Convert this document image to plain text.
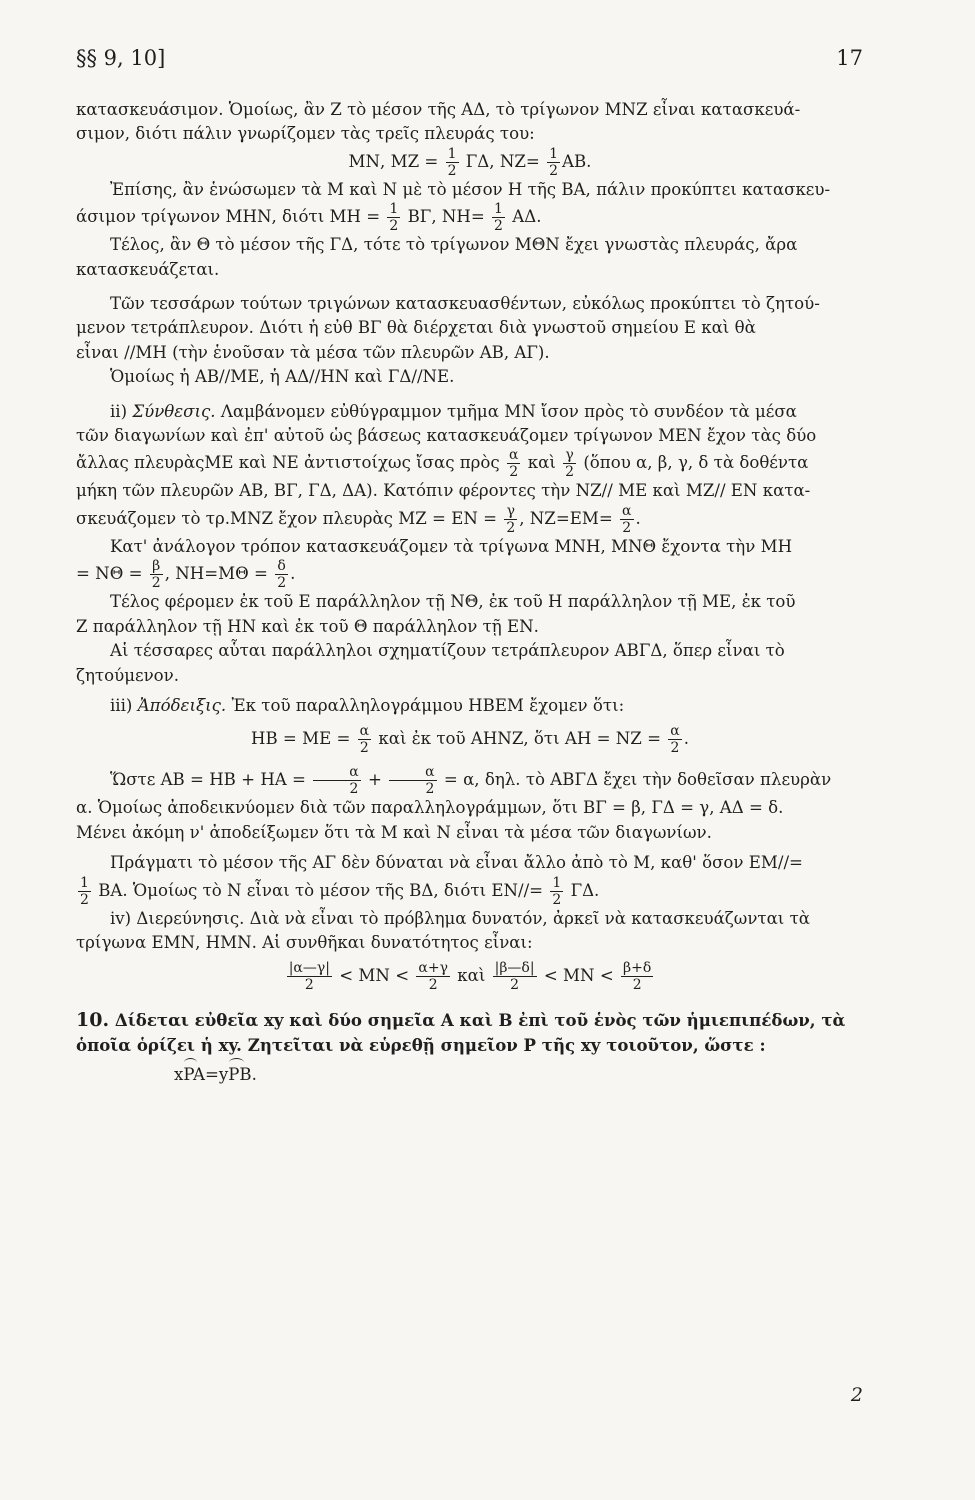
§§ 9, 10]	17

κατασκευάσιμον. Ὁμοίως, ἂν Ζ τὸ μέσον τῆς ΑΔ, τὸ τρίγωνον ΜΝΖ εἶναι κατασκευά-

σιμον, διότι πάλιν γνωρίζομεν τὰς τρεῖς πλευράς του:

ΜΝ, $MZ = \frac{1}{2} \Gamma\Delta$, $NZ= \frac{1}{2} AB$.

Ἐπίσης, ἂν ἑνώσωμεν τὰ Μ καὶ Ν μὲ τὸ μέσον Η τῆς ΒΑ, πάλιν προκύπτει κατασκευ-

άσιμον τρίγωνον ΜΗΝ, διότι $MH = \frac{1}{2} B\Gamma$, $NH= \frac{1}{2} A\Delta$.

Τέλος, ἂν Θ τὸ μέσον τῆς ΓΔ, τότε τὸ τρίγωνον ΜΘΝ ἔχει γνωστὰς πλευράς, ἄρα

κατασκευάζεται.

Τῶν τεσσάρων τούτων τριγώνων κατασκευασθέντων, εὐκόλως προκύπτει τὸ ζητού-

μενον τετράπλευρον. Διότι ἡ εὐθ ΒΓ θὰ διέρχεται διὰ γνωστοῦ σημείου Ε καὶ θὰ

εἶναι //ΜΗ (τὴν ἑνοῦσαν τὰ μέσα τῶν πλευρῶν ΑΒ, ΑΓ).

Ὁμοίως ἡ ΑΒ//ΜΕ, ἡ ΑΔ//ΗΝ καὶ ΓΔ//ΝΕ.

ii) Σύνθεσις. Λαμβάνομεν εὐθύγραμμον τμῆμα ΜΝ ἴσον πρὸς τὸ συνδέον τὰ μέσα

τῶν διαγωνίων καὶ ἐπ' αὐτοῦ ὡς βάσεως κατασκευάζομεν τρίγωνον ΜΕΝ ἔχον τὰς δύο

ἄλλας πλευρὰςΜΕ καὶ ΝΕ ἀντιστοίχως ἴσας πρὸς $\frac{\alpha}{2}$ καὶ $\frac{\gamma}{2}$ (ὅπου α, β, γ, δ τὰ δοθέντα

μήκη τῶν πλευρῶν ΑΒ, ΒΓ, ΓΔ, ΔΑ). Κατόπιν φέροντες τὴν ΝΖ// ΜΕ καὶ ΜΖ// ΕΝ κατα-

σκευάζομεν τὸ τρ.ΜΝΖ ἔχον πλευρὰς $MZ = EN = \frac{\gamma}{2}$ , $NZ=EM= \frac{\alpha}{2}$ .

Κατ' ἀνάλογον τρόπον κατασκευάζομεν τὰ τρίγωνα ΜΝΗ, ΜΝΘ ἔχοντα τὴν ΜΗ

= $N\Theta = \frac{\beta}{2}$ , $NH=M\Theta = \frac{\delta}{2}$ .

Τέλος φέρομεν ἐκ τοῦ Ε παράλληλον τῇ ΝΘ, ἐκ τοῦ Η παράλληλον τῇ ΜΕ, ἐκ τοῦ

Ζ παράλληλον τῇ ΗΝ καὶ ἐκ τοῦ Θ παράλληλον τῇ ΕΝ.

Αἱ τέσσαρες αὗται παράλληλοι σχηματίζουν τετράπλευρον ΑΒΓΔ, ὅπερ εἶναι τὸ

ζητούμενον.

iii) Ἀπόδειξις. Ἐκ τοῦ παραλληλογράμμου ΗΒΕΜ ἔχομεν ὅτι:

$HB = ME = \frac{\alpha}{2}$ καὶ ἐκ τοῦ ΑΗΝΖ, ὅτι $AH = NZ = \frac{\alpha}{2}$ .

Ὥστε $AB = HB + HA = \frac{\alpha}{2} + \frac{\alpha}{2} = \alpha$, δηλ. τὸ ΑΒΓΔ ἔχει τὴν δοθεῖσαν πλευρὰν

α. Ὁμοίως ἀποδεικνύομεν διὰ τῶν παραλληλογράμμων, ὅτι ΒΓ = β, ΓΔ = γ, ΑΔ = δ.

Μένει ἀκόμη ν' ἀποδείξωμεν ὅτι τὰ Μ καὶ Ν εἶναι τὰ μέσα τῶν διαγωνίων.

Πράγματι τὸ μέσον τῆς ΑΓ δὲν δύναται νὰ εἶναι ἄλλο ἀπὸ τὸ Μ, καθ' ὅσον ΕΜ//=

$\frac{1}{2} BA$. Ὁμοίως τὸ Ν εἶναι τὸ μέσον τῆς ΒΔ, διότι $EN//= \frac{1}{2} \Gamma\Delta$.

iv) Διερεύνησις. Διὰ νὰ εἶναι τὸ πρόβλημα δυνατόν, ἀρκεῖ νὰ κατασκευάζωνται τὰ

τρίγωνα ΕΜΝ, ΗΜΝ. Αἱ συνθῆκαι δυνατότητος εἶναι:

$\frac{|\alpha—\gamma|}{2} < MN < \frac{\alpha+\gamma}{2}$ καὶ $\frac{|\beta—\delta|}{2} < MN < \frac{\beta+\delta}{2}$

10. Δίδεται εὐθεῖα xy καὶ δύο σημεῖα Α καὶ Β ἐπὶ τοῦ ἑνὸς τῶν ἡμιεπιπέδων, τὰ

ὁποῖα ὁρίζει ἡ xy. Ζητεῖται νὰ εὑρεθῇ σημεῖον Ρ τῆς xy τοιοῦτον, ὥστε :

xPA=yPB.

2
